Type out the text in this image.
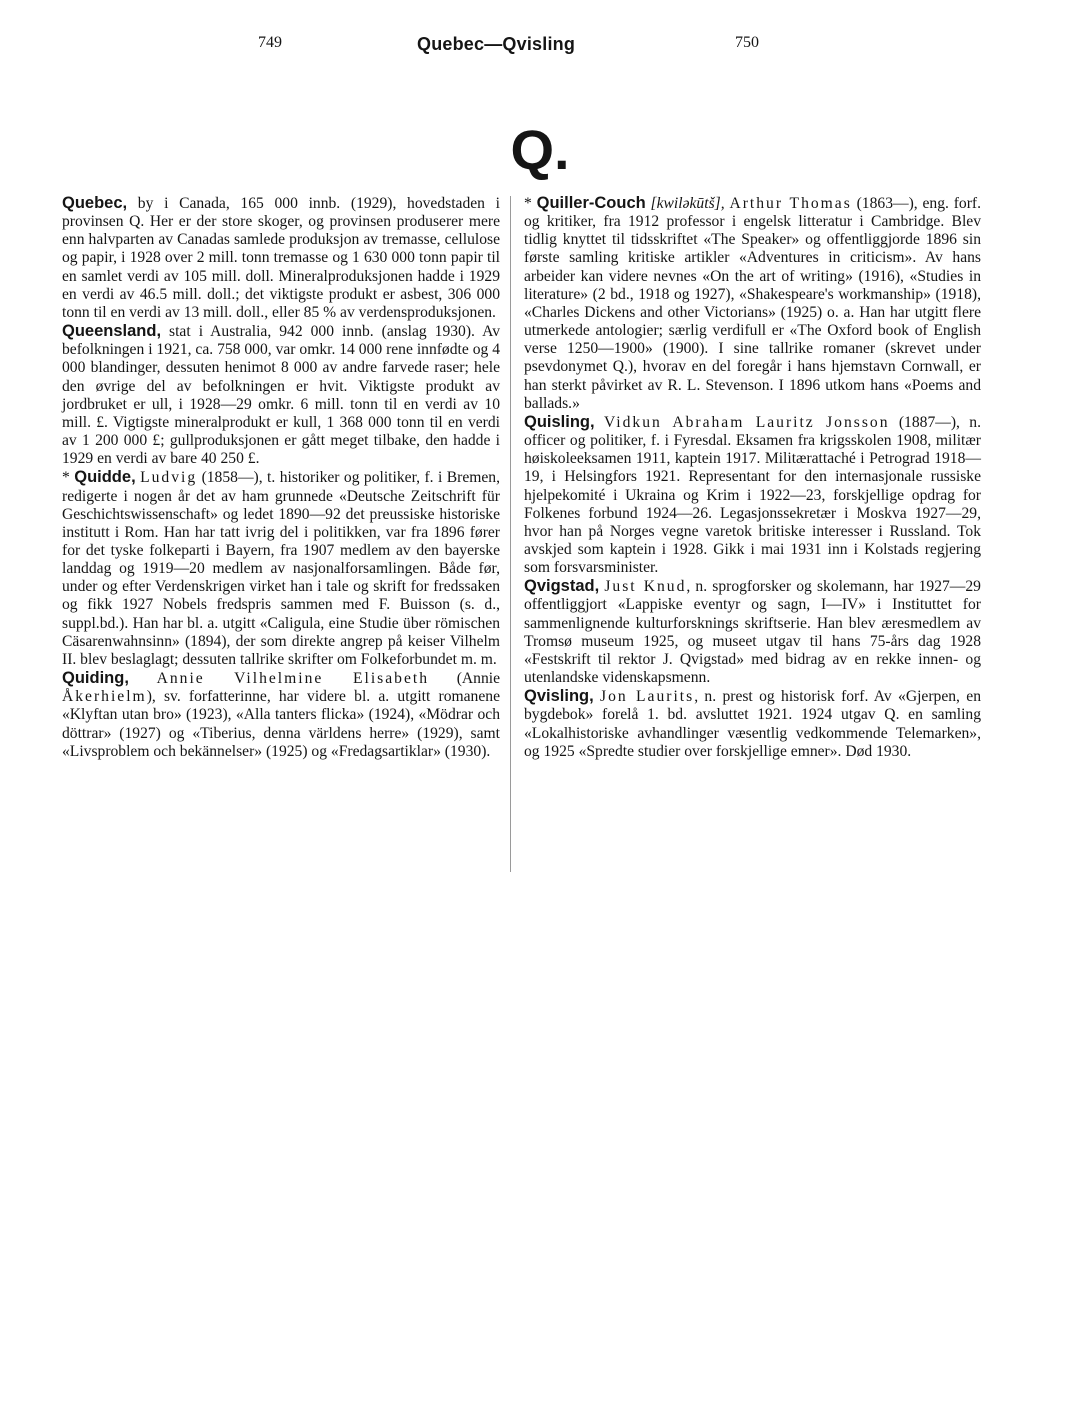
749	Quebec—Qvisling	750
Q.

Quebec, by i Canada, 165 000 innb. (1929), hovedstaden i provinsen Q. Her er der store skoger, og provinsen produserer mere enn halvparten av Canadas samlede produksjon av tremasse, cellulose og papir, i 1928 over 2 mill. tonn tremasse og 1 630 000 tonn papir til en samlet verdi av 105 mill. doll. Mineralproduksjonen hadde i 1929 en verdi av 46.5 mill. doll.; det viktigste produkt er asbest, 306 000 tonn til en verdi av 13 mill. doll., eller 85 % av verdensproduksjonen.

Queensland, stat i Australia, 942 000 innb. (anslag 1930). Av befolkningen i 1921, ca. 758 000, var omkr. 14 000 rene innfødte og 4 000 blandinger, dessuten henimot 8 000 av andre farvede raser; hele den øvrige del av befolkningen er hvit. Viktigste produkt av jordbruket er ull, i 1928—29 omkr. 6 mill. tonn til en verdi av 10 mill. £. Vigtigste mineralprodukt er kull, 1 368 000 tonn til en verdi av 1 200 000 £; gullproduksjonen er gått meget tilbake, den hadde i 1929 en verdi av bare 40 250 £.

* Quidde, Ludvig (1858—), t. historiker og politiker, f. i Bremen, redigerte i nogen år det av ham grunnede «Deutsche Zeitschrift für Geschichtswissenschaft» og ledet 1890—92 det preussiske historiske institutt i Rom. Han har tatt ivrig del i politikken, var fra 1896 fører for det tyske folkeparti i Bayern, fra 1907 medlem av den bayerske landdag og 1919—20 medlem av nasjonalforsamlingen. Både før, under og efter Verdenskrigen virket han i tale og skrift for fredssaken og fikk 1927 Nobels fredspris sammen med F. Buisson (s. d., suppl.bd.). Han har bl. a. utgitt «Caligula, eine Studie über römischen Cäsarenwahnsinn» (1894), der som direkte angrep på keiser Vilhelm II. blev beslaglagt; dessuten tallrike skrifter om Folkeforbundet m. m.

Quiding, Annie Vilhelmine Elisabeth (Annie Åkerhielm), sv. forfatterinne, har videre bl. a. utgitt romanene «Klyftan utan bro» (1923), «Alla tanters flicka» (1924), «Mödrar och döttrar» (1927) og «Tiberius, denna världens herre» (1929), samt «Livsproblem och bekännelser» (1925) og «Fredagsartiklar» (1930).

* Quiller-Couch [kwilәkūtš], Arthur Thomas (1863—), eng. forf. og kritiker, fra 1912 professor i engelsk litteratur i Cambridge. Blev tidlig knyttet til tidsskriftet «The Speaker» og offentliggjorde 1896 sin første samling kritiske artikler «Adventures in criticism». Av hans arbeider kan videre nevnes «On the art of writing» (1916), «Studies in literature» (2 bd., 1918 og 1927), «Shakespeare's workmanship» (1918), «Charles Dickens and other Victorians» (1925) o. a. Han har utgitt flere utmerkede antologier; særlig verdifull er «The Oxford book of English verse 1250—1900» (1900). I sine tallrike romaner (skrevet under psevdonymet Q.), hvorav en del foregår i hans hjemstavn Cornwall, er han sterkt påvirket av R. L. Stevenson. I 1896 utkom hans «Poems and ballads.»

Quisling, Vidkun Abraham Lauritz Jonsson (1887—), n. officer og politiker, f. i Fyresdal. Eksamen fra krigsskolen 1908, militær høiskoleeksamen 1911, kaptein 1917. Militærattaché i Petrograd 1918—19, i Helsingfors 1921. Representant for den internasjonale russiske hjelpekomité i Ukraina og Krim i 1922—23, forskjellige opdrag for Folkenes forbund 1924—26. Legasjonssekretær i Moskva 1927—29, hvor han på Norges vegne varetok britiske interesser i Russland. Tok avskjed som kaptein i 1928. Gikk i mai 1931 inn i Kolstads regjering som forsvarsminister.

Qvigstad, Just Knud, n. sprogforsker og skolemann, har 1927—29 offentliggjort «Lappiske eventyr og sagn, I—IV» i Instituttet for sammenlignende kulturforsknings skriftserie. Han blev æresmedlem av Tromsø museum 1925, og museet utgav til hans 75-års dag 1928 «Festskrift til rektor J. Qvigstad» med bidrag av en rekke innen- og utenlandske videnskapsmenn.

Qvisling, Jon Laurits, n. prest og historisk forf. Av «Gjerpen, en bygdebok» forelå 1. bd. avsluttet 1921. 1924 utgav Q. en samling «Lokalhistoriske avhandlinger væsentlig vedkommende Telemarken», og 1925 «Spredte studier over forskjellige emner». Død 1930.
